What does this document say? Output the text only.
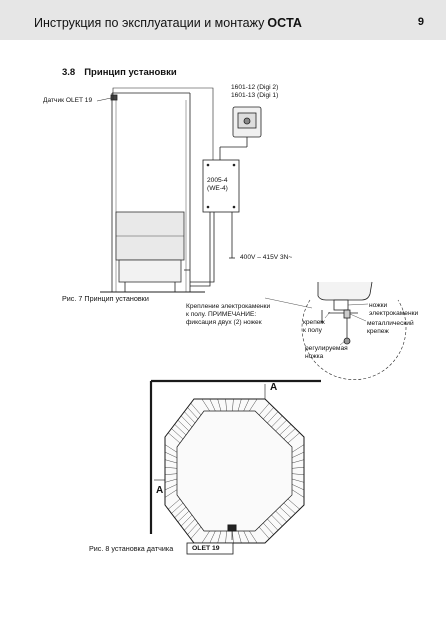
Инструкция по эксплуатации и монтажу OCTA	9
3.8 Принцип установки
Датчик OLET 19
1601-12 (Digi 2)
1601-13 (Digi 1)
2005-4
(WE-4)
400V – 415V 3N~
Рис. 7 Принцип установки
Крепление электрокаменки
к полу. ПРИМЕЧАНИЕ:
фиксация двух (2) ножек
ножки
электрокаменки
крепеж
к полу
металлический
крепеж
регулируемая
ножка
A
A
OLET 19
Рис. 8 установка датчика
